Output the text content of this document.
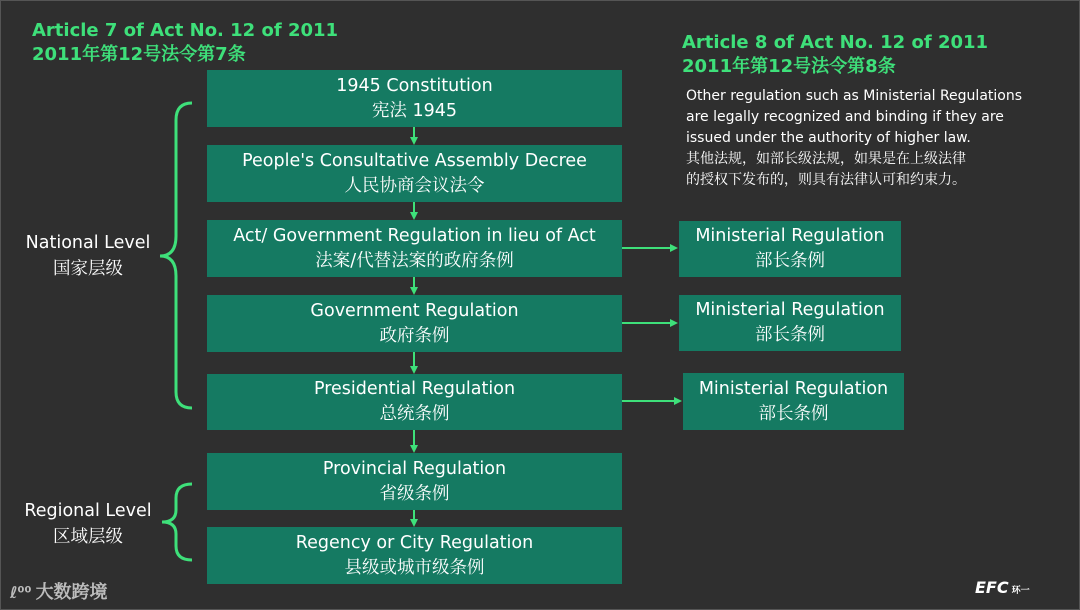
Article 7 of Act No. 12 of 2011
2011年第12号法令第7条
Article 8 of Act No. 12 of 2011
2011年第12号法令第8条
Other regulation such as Ministerial Regulations
are legally recognized and binding if they are
issued under the authority of higher law.
其他法规，如部长级法规，如果是在上级法律
的授权下发布的，则具有法律认可和约束力。
National Level
国家层级
Regional Level
区域层级
1945 Constitution
宪法 1945
People's Consultative Assembly Decree
人民协商会议法令
Act/ Government Regulation in lieu of Act
法案/代替法案的政府条例
Government Regulation
政府条例
Presidential Regulation
总统条例
Provincial Regulation
省级条例
Regency or City Regulation
县级或城市级条例
Ministerial Regulation
部长条例
Ministerial Regulation
部长条例
Ministerial Regulation
部长条例
ℓ⁰⁰ 大数跨境	EFC 环一
